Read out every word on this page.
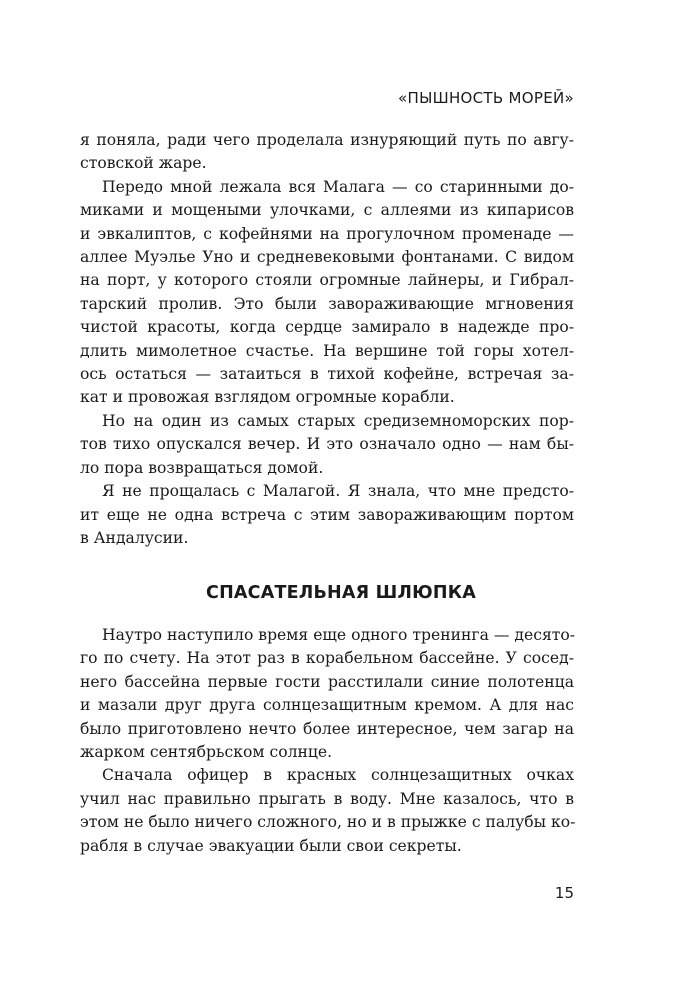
«ПЫШНОСТЬ МОРЕЙ»

я поняла, ради чего проделала изнуряющий путь по авгу-
стовской жаре.

Передо мной лежала вся Малага — со старинными до-
миками и мощеными улочками, с аллеями из кипарисов
и эвкалиптов, с кофейнями на прогулочном променаде —
аллее Муэлье Уно и средневековыми фонтанами. С видом
на порт, у которого стояли огромные лайнеры, и Гибрал-
тарский пролив. Это были завораживающие мгновения
чистой красоты, когда сердце замирало в надежде про-
длить мимолетное счастье. На вершине той горы хотел-
ось остаться — затаиться в тихой кофейне, встречая за-
кат и провожая взглядом огромные корабли.

Но на один из самых старых средиземноморских пор-
тов тихо опускался вечер. И это означало одно — нам бы-
ло пора возвращаться домой.

Я не прощалась с Малагой. Я знала, что мне предсто-
ит еще не одна встреча с этим завораживающим портом
в Андалусии.

СПАСАТЕЛЬНАЯ ШЛЮПКА

Наутро наступило время еще одного тренинга — десято-
го по счету. На этот раз в корабельном бассейне. У сосед-
него бассейна первые гости расстилали синие полотенца
и мазали друг друга солнцезащитным кремом. А для нас
было приготовлено нечто более интересное, чем загар на
жарком сентябрьском солнце.

Сначала офицер в красных солнцезащитных очках
учил нас правильно прыгать в воду. Мне казалось, что в
этом не было ничего сложного, но и в прыжке с палубы ко-
рабля в случае эвакуации были свои секреты.

15
